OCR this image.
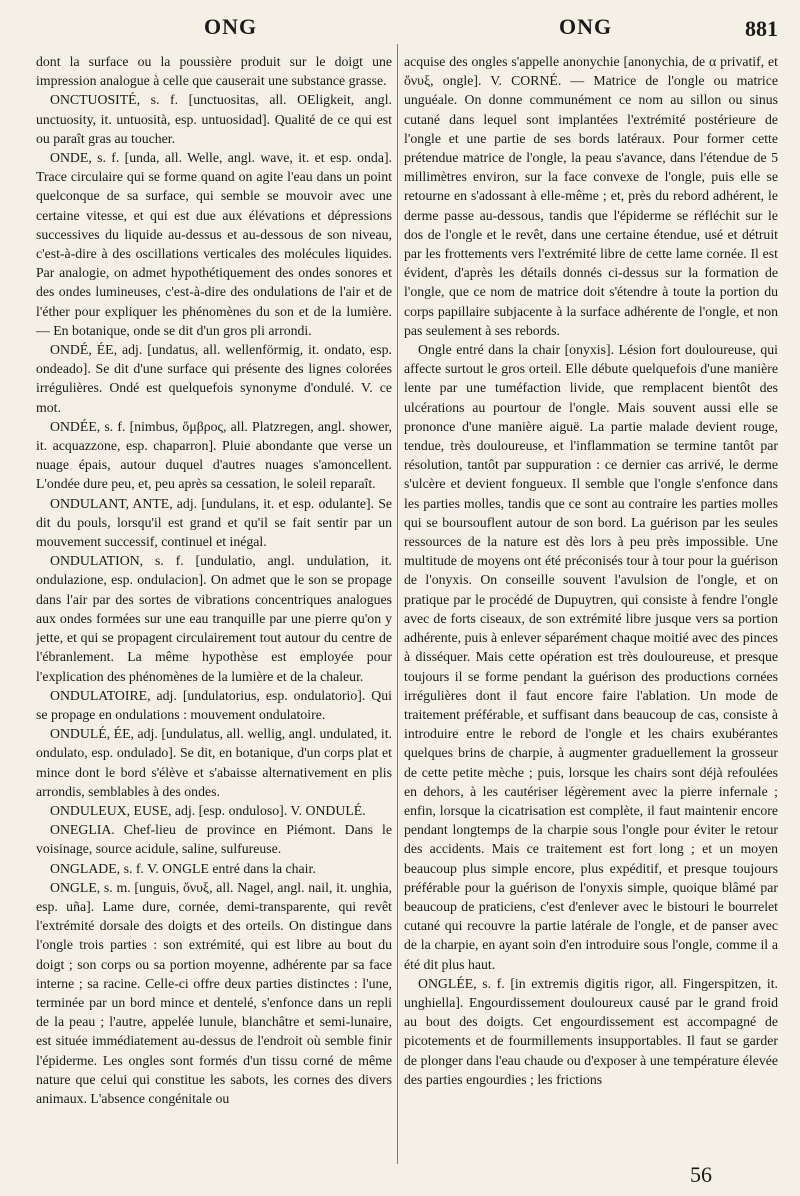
ONG	ONG	881

dont la surface ou la poussière produit sur le doigt une impression analogue à celle que causerait une substance grasse.

ONCTUOSITÉ, s. f. [unctuositas, all. OEligkeit, angl. unctuosity, it. untuosità, esp. untuosidad]. Qualité de ce qui est ou paraît gras au toucher.

ONDE, s. f. [unda, all. Welle, angl. wave, it. et esp. onda]. Trace circulaire qui se forme quand on agite l'eau dans un point quelconque de sa surface, qui semble se mouvoir avec une certaine vitesse, et qui est due aux élévations et dépressions successives du liquide au-dessus et au-dessous de son niveau, c'est-à-dire à des oscillations verticales des molécules liquides. Par analogie, on admet hypothétiquement des ondes sonores et des ondes lumineuses, c'est-à-dire des ondulations de l'air et de l'éther pour expliquer les phénomènes du son et de la lumière. — En botanique, onde se dit d'un gros pli arrondi.

ONDÉ, ÉE, adj. [undatus, all. wellenförmig, it. ondato, esp. ondeado]. Se dit d'une surface qui présente des lignes colorées irrégulières. Ondé est quelquefois synonyme d'ondulé. V. ce mot.

ONDÉE, s. f. [nimbus, ὄμβρος, all. Platzregen, angl. shower, it. acquazzone, esp. chaparron]. Pluie abondante que verse un nuage épais, autour duquel d'autres nuages s'amoncellent. L'ondée dure peu, et, peu après sa cessation, le soleil reparaît.

ONDULANT, ANTE, adj. [undulans, it. et esp. odulante]. Se dit du pouls, lorsqu'il est grand et qu'il se fait sentir par un mouvement successif, continuel et inégal.

ONDULATION, s. f. [undulatio, angl. undulation, it. ondulazione, esp. ondulacion]. On admet que le son se propage dans l'air par des sortes de vibrations concentriques analogues aux ondes formées sur une eau tranquille par une pierre qu'on y jette, et qui se propagent circulairement tout autour du centre de l'ébranlement. La même hypothèse est employée pour l'explication des phénomènes de la lumière et de la chaleur.

ONDULATOIRE, adj. [undulatorius, esp. ondulatorio]. Qui se propage en ondulations : mouvement ondulatoire.

ONDULÉ, ÉE, adj. [undulatus, all. wellig, angl. undulated, it. ondulato, esp. ondulado]. Se dit, en botanique, d'un corps plat et mince dont le bord s'élève et s'abaisse alternativement en plis arrondis, semblables à des ondes.

ONDULEUX, EUSE, adj. [esp. onduloso]. V. ONDULÉ.

ONEGLIA. Chef-lieu de province en Piémont. Dans le voisinage, source acidule, saline, sulfureuse.

ONGLADE, s. f. V. ONGLE entré dans la chair.

ONGLE, s. m. [unguis, ὄνυξ, all. Nagel, angl. nail, it. unghia, esp. uña]. Lame dure, cornée, demi-transparente, qui revêt l'extrémité dorsale des doigts et des orteils. On distingue dans l'ongle trois parties : son extrémité, qui est libre au bout du doigt ; son corps ou sa portion moyenne, adhérente par sa face interne ; sa racine. Celle-ci offre deux parties distinctes : l'une, terminée par un bord mince et dentelé, s'enfonce dans un repli de la peau ; l'autre, appelée lunule, blanchâtre et semi-lunaire, est située immédiatement au-dessus de l'endroit où semble finir l'épiderme. Les ongles sont formés d'un tissu corné de même nature que celui qui constitue les sabots, les cornes des divers animaux. L'absence congénitale ou

acquise des ongles s'appelle anonychie [anonychia, de α privatif, et ὄνυξ, ongle]. V. CORNÉ. — Matrice de l'ongle ou matrice unguéale. On donne communément ce nom au sillon ou sinus cutané dans lequel sont implantées l'extrémité postérieure de l'ongle et une partie de ses bords latéraux. Pour former cette prétendue matrice de l'ongle, la peau s'avance, dans l'étendue de 5 millimètres environ, sur la face convexe de l'ongle, puis elle se retourne en s'adossant à elle-même ; et, près du rebord adhérent, le derme passe au-dessous, tandis que l'épiderme se réfléchit sur le dos de l'ongle et le revêt, dans une certaine étendue, usé et détruit par les frottements vers l'extrémité libre de cette lame cornée. Il est évident, d'après les détails donnés ci-dessus sur la formation de l'ongle, que ce nom de matrice doit s'étendre à toute la portion du corps papillaire subjacente à la surface adhérente de l'ongle, et non pas seulement à ses rebords.

Ongle entré dans la chair [onyxis]. Lésion fort douloureuse, qui affecte surtout le gros orteil. Elle débute quelquefois d'une manière lente par une tuméfaction livide, que remplacent bientôt des ulcérations au pourtour de l'ongle. Mais souvent aussi elle se prononce d'une manière aiguë. La partie malade devient rouge, tendue, très douloureuse, et l'inflammation se termine tantôt par résolution, tantôt par suppuration : ce dernier cas arrivé, le derme s'ulcère et devient fongueux. Il semble que l'ongle s'enfonce dans les parties molles, tandis que ce sont au contraire les parties molles qui se boursouflent autour de son bord. La guérison par les seules ressources de la nature est dès lors à peu près impossible. Une multitude de moyens ont été préconisés tour à tour pour la guérison de l'onyxis. On conseille souvent l'avulsion de l'ongle, et on pratique par le procédé de Dupuytren, qui consiste à fendre l'ongle avec de forts ciseaux, de son extrémité libre jusque vers sa portion adhérente, puis à enlever séparément chaque moitié avec des pinces à disséquer. Mais cette opération est très douloureuse, et presque toujours il se forme pendant la guérison des productions cornées irrégulières dont il faut encore faire l'ablation. Un mode de traitement préférable, et suffisant dans beaucoup de cas, consiste à introduire entre le rebord de l'ongle et les chairs exubérantes quelques brins de charpie, à augmenter graduellement la grosseur de cette petite mèche ; puis, lorsque les chairs sont déjà refoulées en dehors, à les cautériser légèrement avec la pierre infernale ; enfin, lorsque la cicatrisation est complète, il faut maintenir encore pendant longtemps de la charpie sous l'ongle pour éviter le retour des accidents. Mais ce traitement est fort long ; et un moyen beaucoup plus simple encore, plus expéditif, et presque toujours préférable pour la guérison de l'onyxis simple, quoique blâmé par beaucoup de praticiens, c'est d'enlever avec le bistouri le bourrelet cutané qui recouvre la partie latérale de l'ongle, et de panser avec de la charpie, en ayant soin d'en introduire sous l'ongle, comme il a été dit plus haut.

ONGLÉE, s. f. [in extremis digitis rigor, all. Fingerspitzen, it. unghiella]. Engourdissement douloureux causé par le grand froid au bout des doigts. Cet engourdissement est accompagné de picotements et de fourmillements insupportables. Il faut se garder de plonger dans l'eau chaude ou d'exposer à une température élevée des parties engourdies ; les frictions

56
